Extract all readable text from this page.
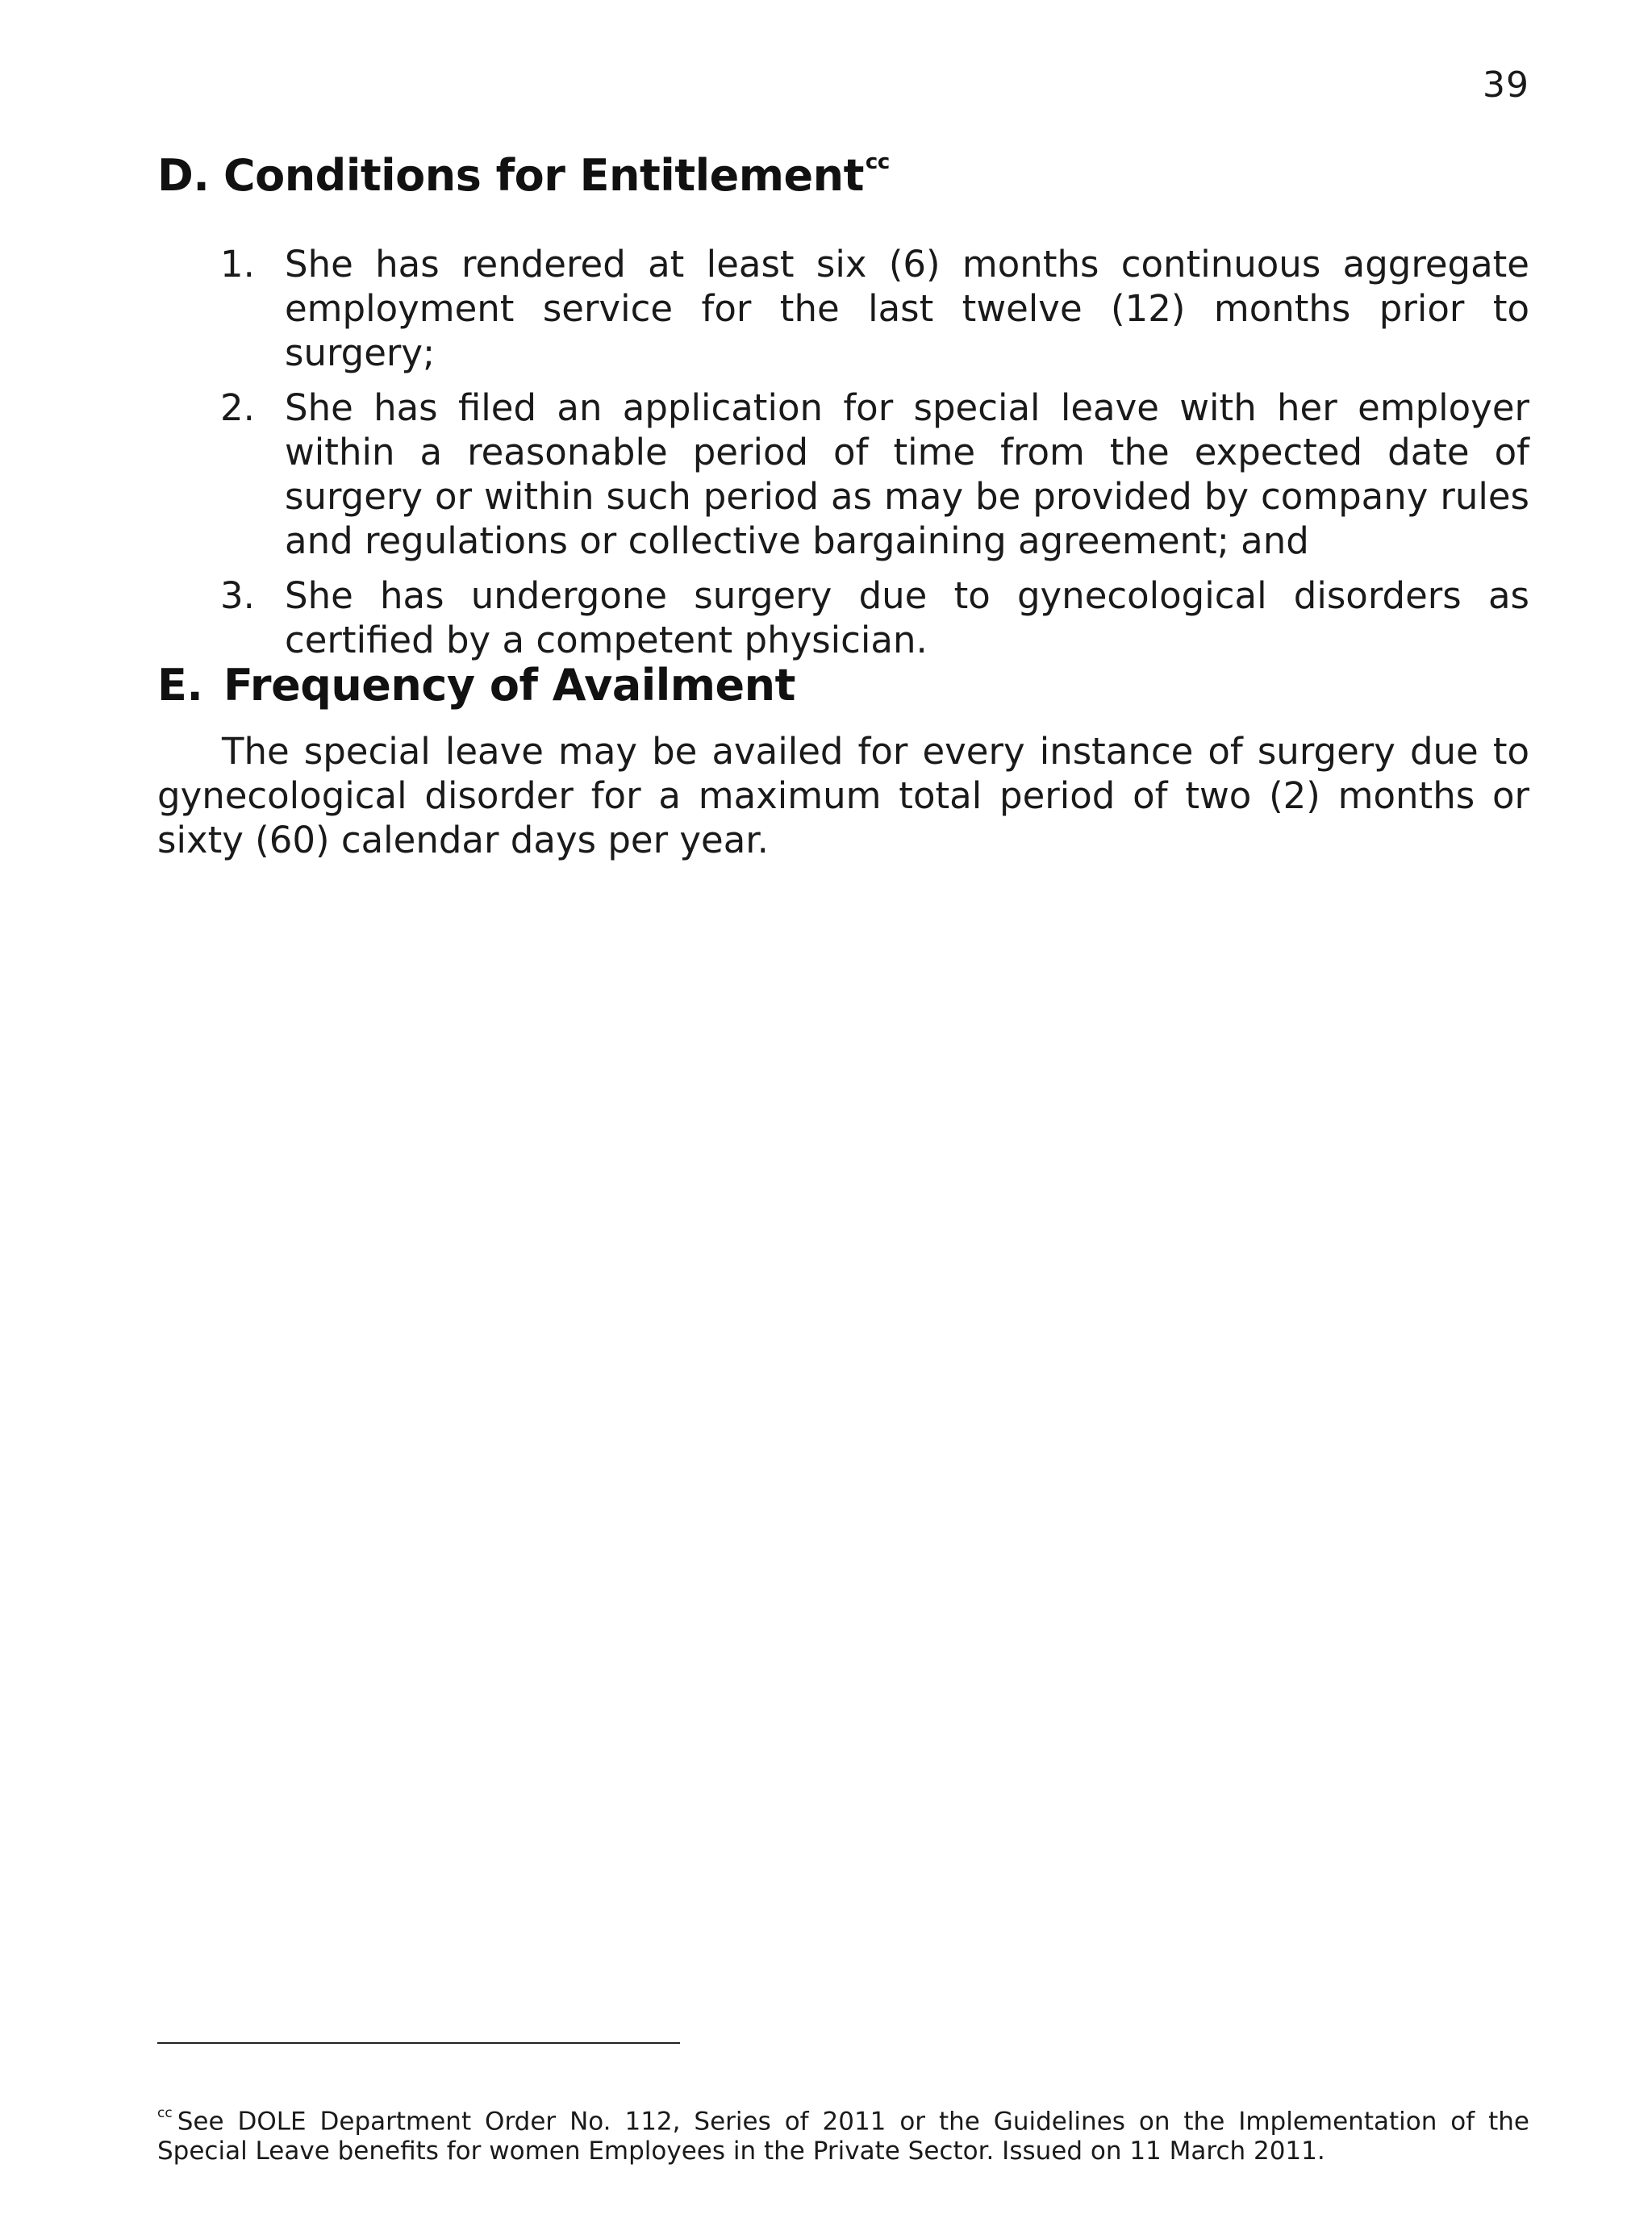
39
D. Conditions for Entitlement$^{cc}$
1. She has rendered at least six (6) months continuous aggregate employment service for the last twelve (12) months prior to surgery;
2. She has filed an application for special leave with her employer within a reasonable period of time from the expected date of surgery or within such period as may be provided by company rules and regulations or collective bargaining agreement; and
3. She has undergone surgery due to gynecological disorders as certified by a competent physician.
E. Frequency of Availment

The special leave may be availed for every instance of surgery due to gynecological disorder for a maximum total period of two (2) months or sixty (60) calendar days per year.

$^{cc}$ See DOLE Department Order No. 112, Series of 2011 or the Guidelines on the Implementation of the Special Leave benefits for women Employees in the Private Sector. Issued on 11 March 2011.
